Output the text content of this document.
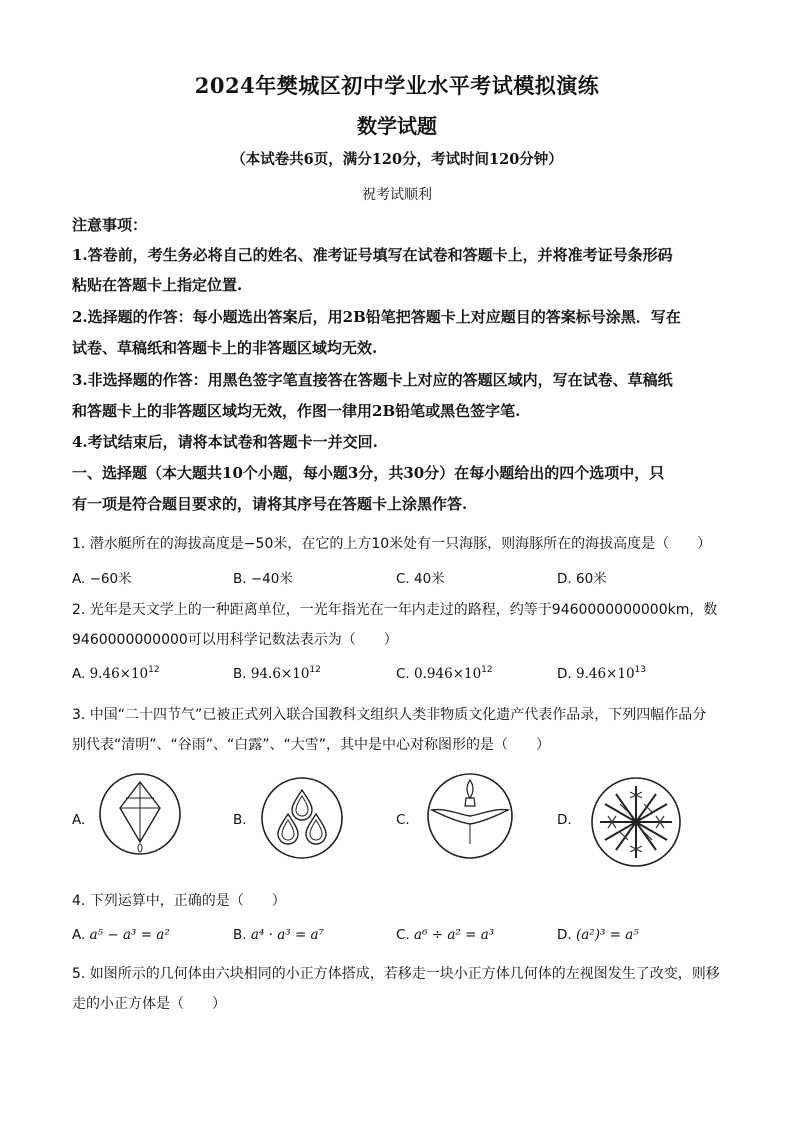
2024年樊城区初中学业水平考试模拟演练
数学试题
（本试卷共6页，满分120分，考试时间120分钟）
祝考试顺利
注意事项：
1.答卷前，考生务必将自己的姓名、准考证号填写在试卷和答题卡上，并将准考证号条形码
粘贴在答题卡上指定位置.
2.选择题的作答：每小题选出答案后，用2B铅笔把答题卡上对应题目的答案标号涂黑．写在
试卷、草稿纸和答题卡上的非答题区域均无效.
3.非选择题的作答：用黑色签字笔直接答在答题卡上对应的答题区域内，写在试卷、草稿纸
和答题卡上的非答题区域均无效，作图一律用2B铅笔或黑色签字笔.
4.考试结束后，请将本试卷和答题卡一并交回.
一、选择题（本大题共10个小题，每小题3分，共30分）在每小题给出的四个选项中，只
有一项是符合题目要求的，请将其序号在答题卡上涂黑作答.
1. 潜水艇所在的海拔高度是−50米，在它的上方10米处有一只海豚，则海豚所在的海拔高度是（　　）
A. −60米	B. −40米	C. 40米	D. 60米
2. 光年是天文学上的一种距离单位，一光年指光在一年内走过的路程，约等于9460000000000km，数
9460000000000可以用科学记数法表示为（　　）
A. $9.46\times 10^{12}$	B. $94.6\times 10^{12}$	C. $0.946\times 10^{12}$	D. $9.46\times 10^{13}$
3. 中国“二十四节气”已被正式列入联合国教科文组织人类非物质文化遗产代表作品录，下列四幅作品分
别代表“清明”、“谷雨”、“白露”、“大雪”，其中是中心对称图形的是（　　）
A.	B.	C.	D.
4. 下列运算中，正确的是（　　）
A. a⁵ − a³ = a²	B. a⁴ · a³ = a⁷	C. a⁶ ÷ a² = a³	D. (a²)³ = a⁵
5. 如图所示的几何体由六块相同的小正方体搭成，若移走一块小正方体几何体的左视图发生了改变，则移
走的小正方体是（　　）
